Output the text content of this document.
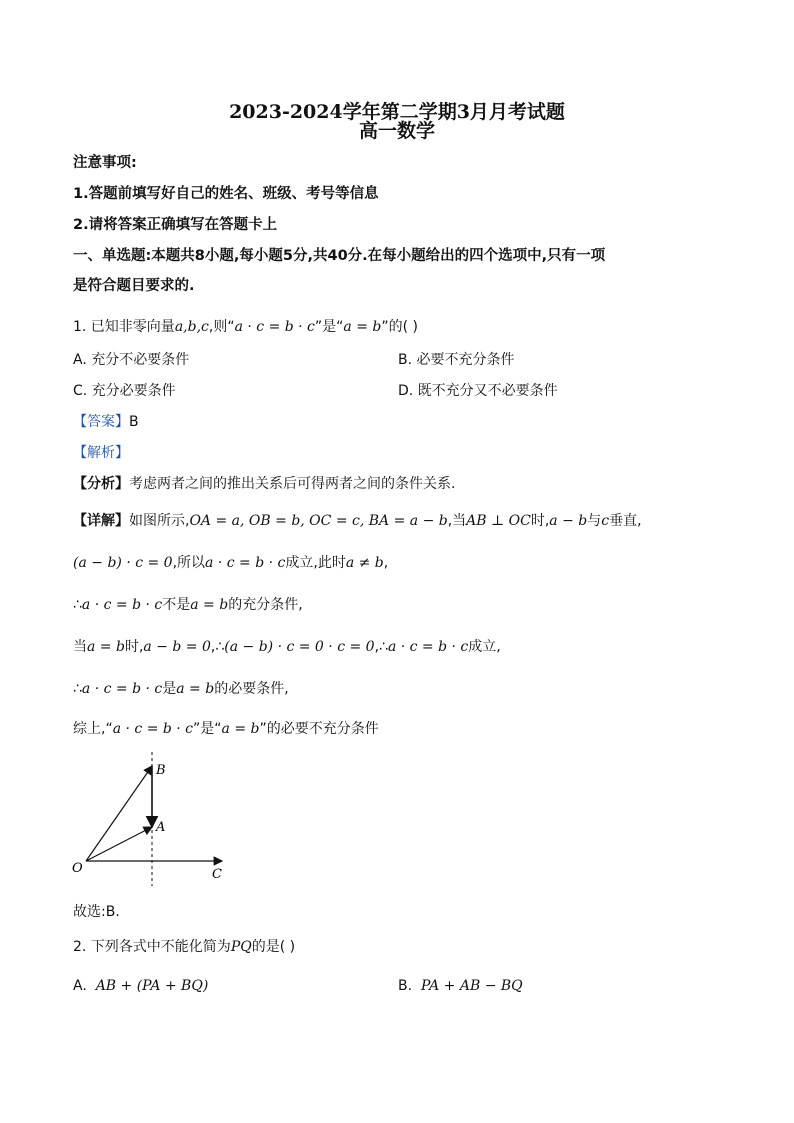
2023-2024学年第二学期3月月考试题
高一数学
注意事项:
1.答题前填写好自己的姓名、班级、考号等信息
2.请将答案正确填写在答题卡上
一、单选题:本题共8小题,每小题5分,共40分.在每小题给出的四个选项中,只有一项
是符合题目要求的.
1. 已知非零向量a,b,c,则“a · c = b · c”是“a = b”的( )
A. 充分不必要条件	B. 必要不充分条件
C. 充分必要条件	D. 既不充分又不必要条件
【答案】B
【解析】
【分析】考虑两者之间的推出关系后可得两者之间的条件关系.
【详解】如图所示,OA = a, OB = b, OC = c, BA = a − b,当AB ⊥ OC时,a − b与c垂直,
(a − b) · c = 0,所以a · c = b · c成立,此时a ≠ b,
∴a · c = b · c不是a = b的充分条件,
当a = b时,a − b = 0,∴(a − b) · c = 0 · c = 0,∴a · c = b · c成立,
∴a · c = b · c是a = b的必要条件,
综上,“a · c = b · c”是“a = b”的必要不充分条件
B
A
O	C
故选:B.
2. 下列各式中不能化简为PQ的是( )
A. AB + (PA + BQ)	B. PA + AB − BQ
